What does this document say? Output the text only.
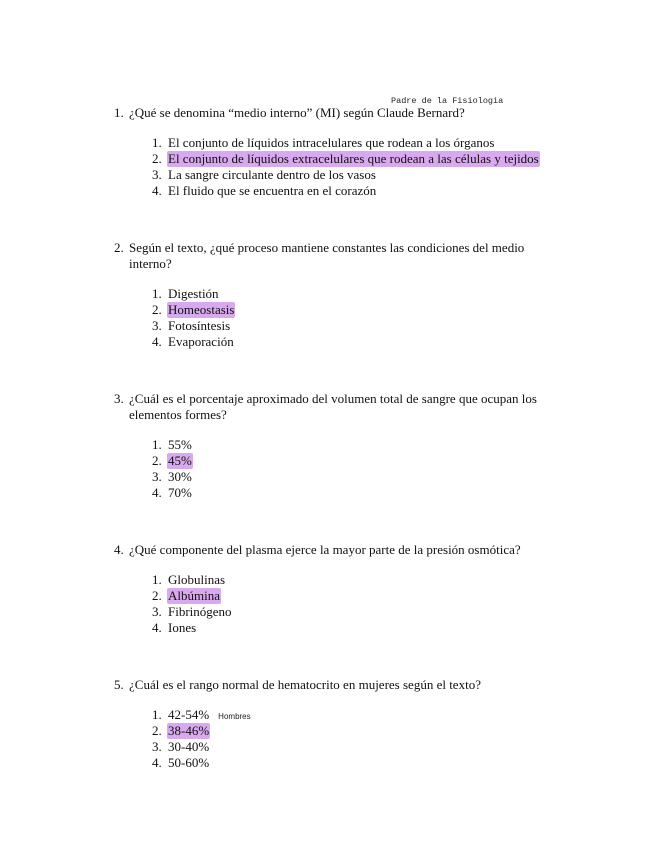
Padre de la Fisiologia
1. ¿Qué se denomina “medio interno” (MI) según Claude Bernard?
1. El conjunto de líquidos intracelulares que rodean a los órganos
2. El conjunto de líquidos extracelulares que rodean a las células y tejidos
3. La sangre circulante dentro de los vasos
4. El fluido que se encuentra en el corazón
2. Según el texto, ¿qué proceso mantiene constantes las condiciones del medio interno?
1. Digestión
2. Homeostasis
3. Fotosíntesis
4. Evaporación
3. ¿Cuál es el porcentaje aproximado del volumen total de sangre que ocupan los elementos formes?
1. 55%
2. 45%
3. 30%
4. 70%
4. ¿Qué componente del plasma ejerce la mayor parte de la presión osmótica?
1. Globulinas
2. Albúmina
3. Fibrinógeno
4. Iones
5. ¿Cuál es el rango normal de hematocrito en mujeres según el texto?
1. 42-54% Hombres
2. 38-46%
3. 30-40%
4. 50-60%
